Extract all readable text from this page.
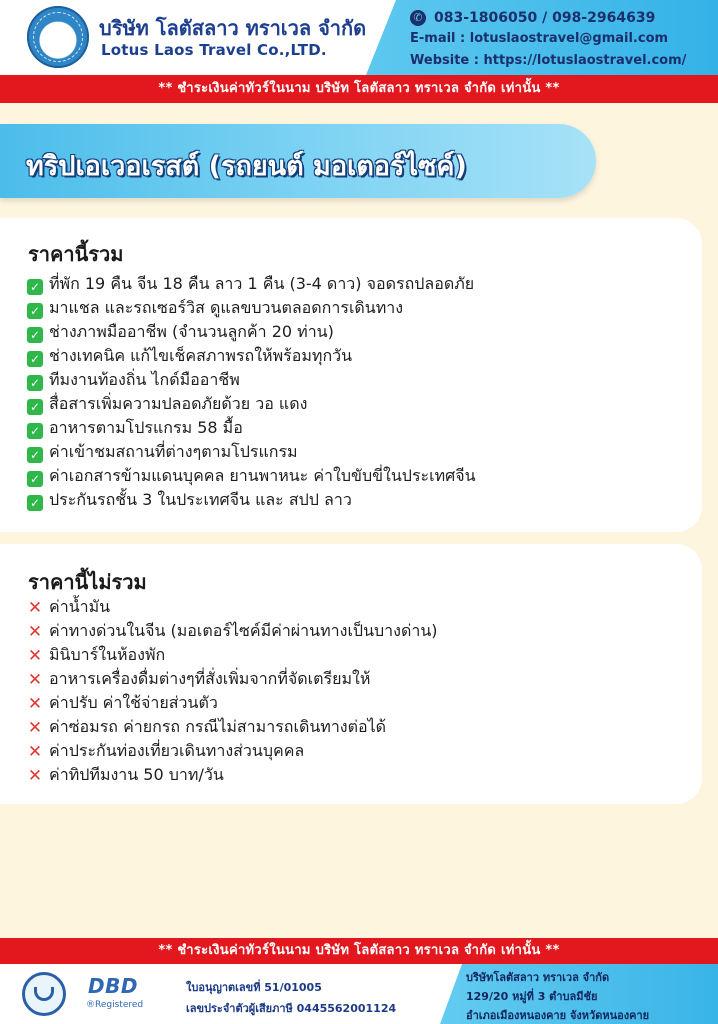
บริษัท โลตัสลาว ทราเวล จำกัด
Lotus Laos Travel Co.,LTD.
✆ 083-1806050 / 098-2964639
E-mail : lotuslaostravel@gmail.com
Website : https://lotuslaostravel.com/
** ชำระเงินค่าทัวร์ในนาม บริษัท โลตัสลาว ทราเวล จำกัด เท่านั้น **
ทริปเอเวอเรสต์ (รถยนต์ มอเตอร์ไซค์)
ราคานี้รวม
✓ ที่พัก 19 คืน จีน 18 คืน ลาว 1 คืน (3-4 ดาว) จอดรถปลอดภัย
✓ มาแชล และรถเซอร์วิส ดูแลขบวนตลอดการเดินทาง
✓ ช่างภาพมืออาชีพ (จำนวนลูกค้า 20 ท่าน)
✓ ช่างเทคนิค แก้ไขเช็คสภาพรถให้พร้อมทุกวัน
✓ ทีมงานท้องถิ่น ไกด์มืออาชีพ
✓ สื่อสารเพิ่มความปลอดภัยด้วย วอ แดง
✓ อาหารตามโปรแกรม 58 มื้อ
✓ ค่าเข้าชมสถานที่ต่างๆตามโปรแกรม
✓ ค่าเอกสารข้ามแดนบุคคล ยานพาหนะ ค่าใบขับขี่ในประเทศจีน
✓ ประกันรถชั้น 3 ในประเทศจีน และ สปป ลาว
ราคานี้ไม่รวม
✕ ค่าน้ำมัน
✕ ค่าทางด่วนในจีน (มอเตอร์ไซค์มีค่าผ่านทางเป็นบางด่าน)
✕ มินิบาร์ในห้องพัก
✕ อาหารเครื่องดื่มต่างๆที่สั่งเพิ่มจากที่จัดเตรียมให้
✕ ค่าปรับ ค่าใช้จ่ายส่วนตัว
✕ ค่าซ่อมรถ ค่ายกรถ กรณีไม่สามารถเดินทางต่อได้
✕ ค่าประกันท่องเที่ยวเดินทางส่วนบุคคล
✕ ค่าทิปทีมงาน 50 บาท/วัน
** ชำระเงินค่าทัวร์ในนาม บริษัท โลตัสลาว ทราเวล จำกัด เท่านั้น **
DBD
®Registered
ใบอนุญาตเลขที่ 51/01005
เลขประจำตัวผู้เสียภาษี 0445562001124
บริษัทโลตัสลาว ทราเวล จำกัด
129/20 หมู่ที่ 3 ตำบลมีชัย
อำเภอเมืองหนองคาย จังหวัดหนองคาย
